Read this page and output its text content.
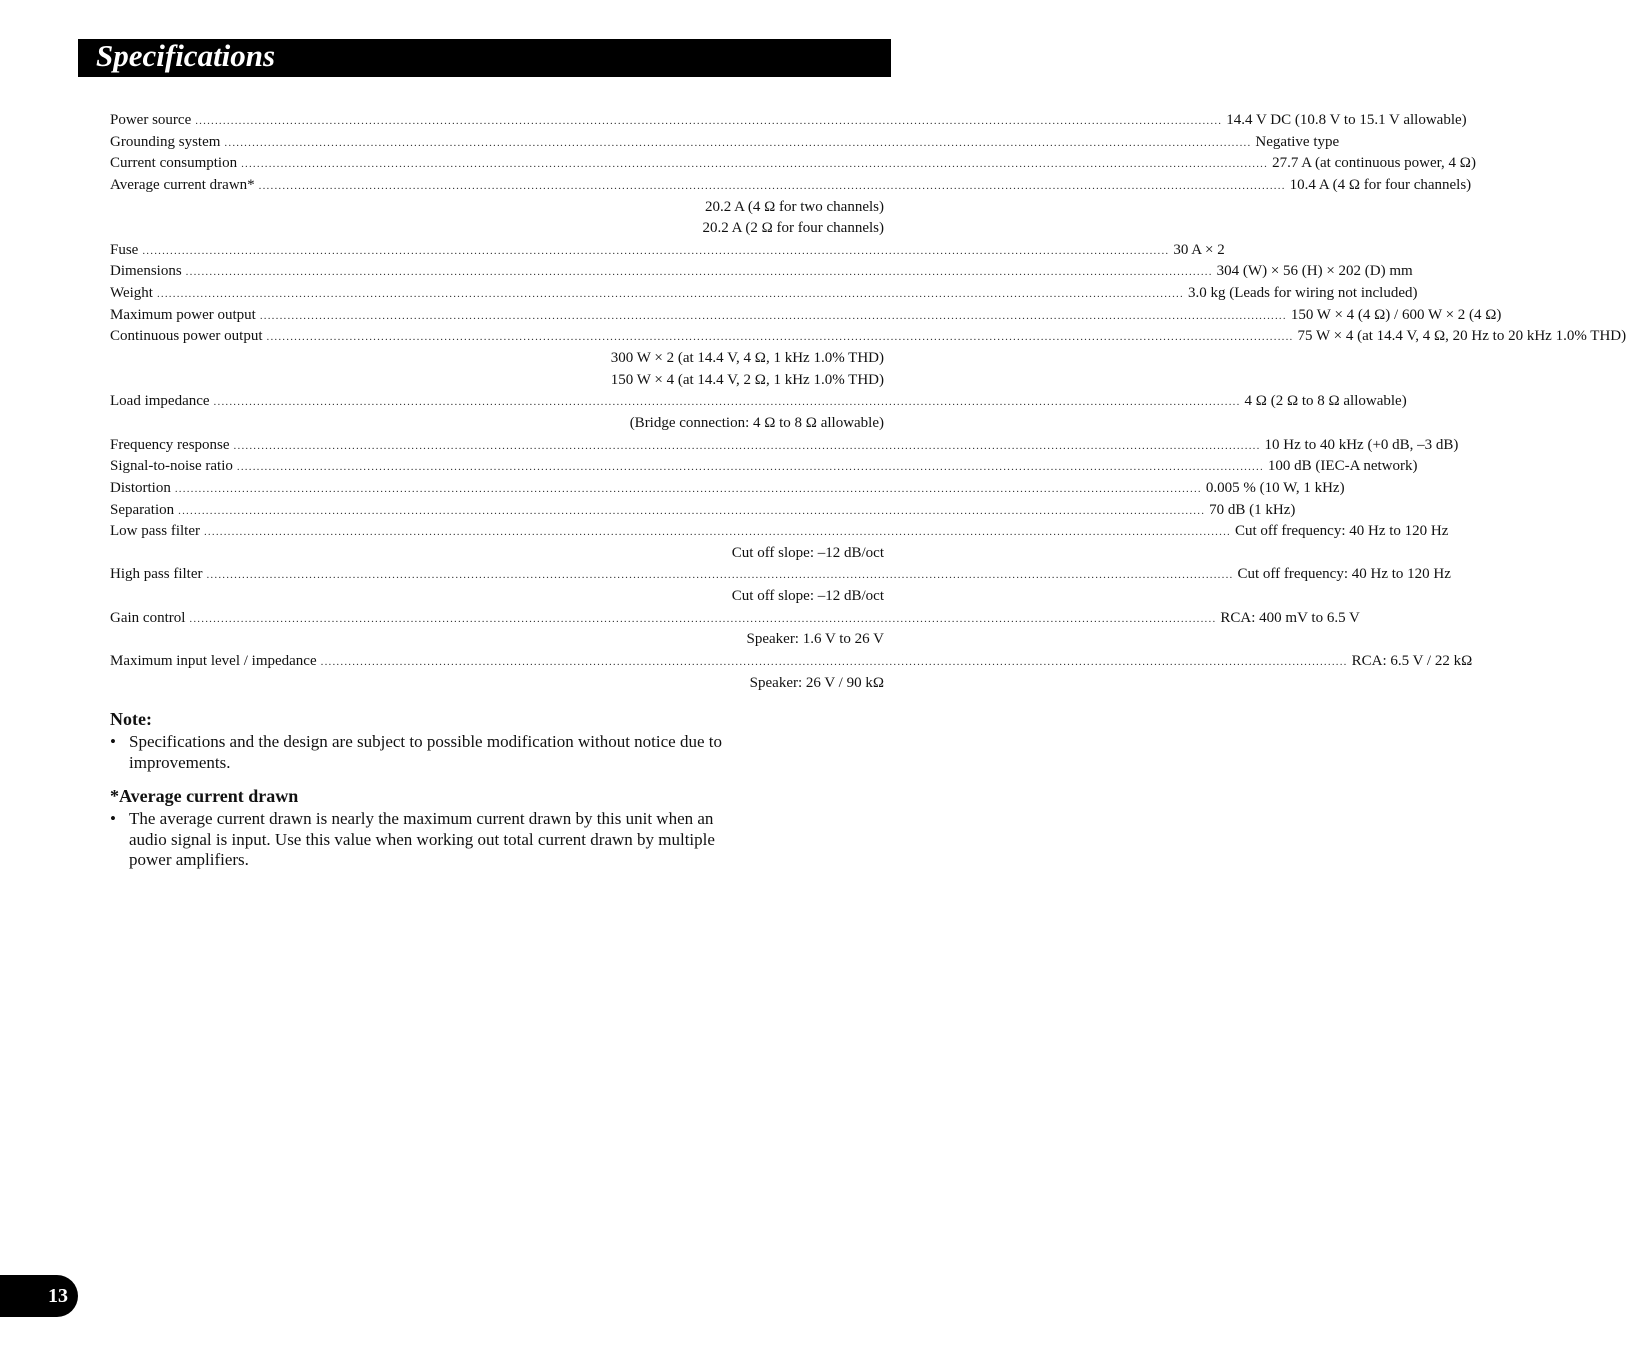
Specifications
Power source .................................................................................................................................................................................................................................................................... 14.4 V DC (10.8 V to 15.1 V allowable)
Grounding system .................................................................................................................................................................................................................................................................... Negative type
Current consumption .................................................................................................................................................................................................................................................................... 27.7 A (at continuous power, 4 Ω)
Average current drawn* .................................................................................................................................................................................................................................................................... 10.4 A (4 Ω for four channels)
20.2 A (4 Ω for two channels)
20.2 A (2 Ω for four channels)
Fuse .................................................................................................................................................................................................................................................................... 30 A × 2
Dimensions .................................................................................................................................................................................................................................................................... 304 (W) × 56 (H) × 202 (D) mm
Weight .................................................................................................................................................................................................................................................................... 3.0 kg (Leads for wiring not included)
Maximum power output .................................................................................................................................................................................................................................................................... 150 W × 4 (4 Ω) / 600 W × 2 (4 Ω)
Continuous power output .................................................................................................................................................................................................................................................................... 75 W × 4 (at 14.4 V, 4 Ω, 20 Hz to 20 kHz 1.0% THD)
300 W × 2 (at 14.4 V, 4 Ω, 1 kHz 1.0% THD)
150 W × 4 (at 14.4 V, 2 Ω, 1 kHz 1.0% THD)
Load impedance .................................................................................................................................................................................................................................................................... 4 Ω (2 Ω to 8 Ω allowable)
(Bridge connection: 4 Ω to 8 Ω allowable)
Frequency response .................................................................................................................................................................................................................................................................... 10 Hz to 40 kHz (+0 dB, –3 dB)
Signal-to-noise ratio .................................................................................................................................................................................................................................................................... 100 dB (IEC-A network)
Distortion .................................................................................................................................................................................................................................................................... 0.005 % (10 W, 1 kHz)
Separation .................................................................................................................................................................................................................................................................... 70 dB (1 kHz)
Low pass filter .................................................................................................................................................................................................................................................................... Cut off frequency: 40 Hz to 120 Hz
Cut off slope: –12 dB/oct
High pass filter .................................................................................................................................................................................................................................................................... Cut off frequency: 40 Hz to 120 Hz
Cut off slope: –12 dB/oct
Gain control .................................................................................................................................................................................................................................................................... RCA: 400 mV to 6.5 V
Speaker: 1.6 V to 26 V
Maximum input level / impedance .................................................................................................................................................................................................................................................................... RCA: 6.5 V / 22 kΩ
Speaker: 26 V / 90 kΩ
Note:
• Specifications and the design are subject to possible modification without notice due to improvements.
*Average current drawn
• The average current drawn is nearly the maximum current drawn by this unit when an audio signal is input. Use this value when working out total current drawn by multiple power amplifiers.
13
